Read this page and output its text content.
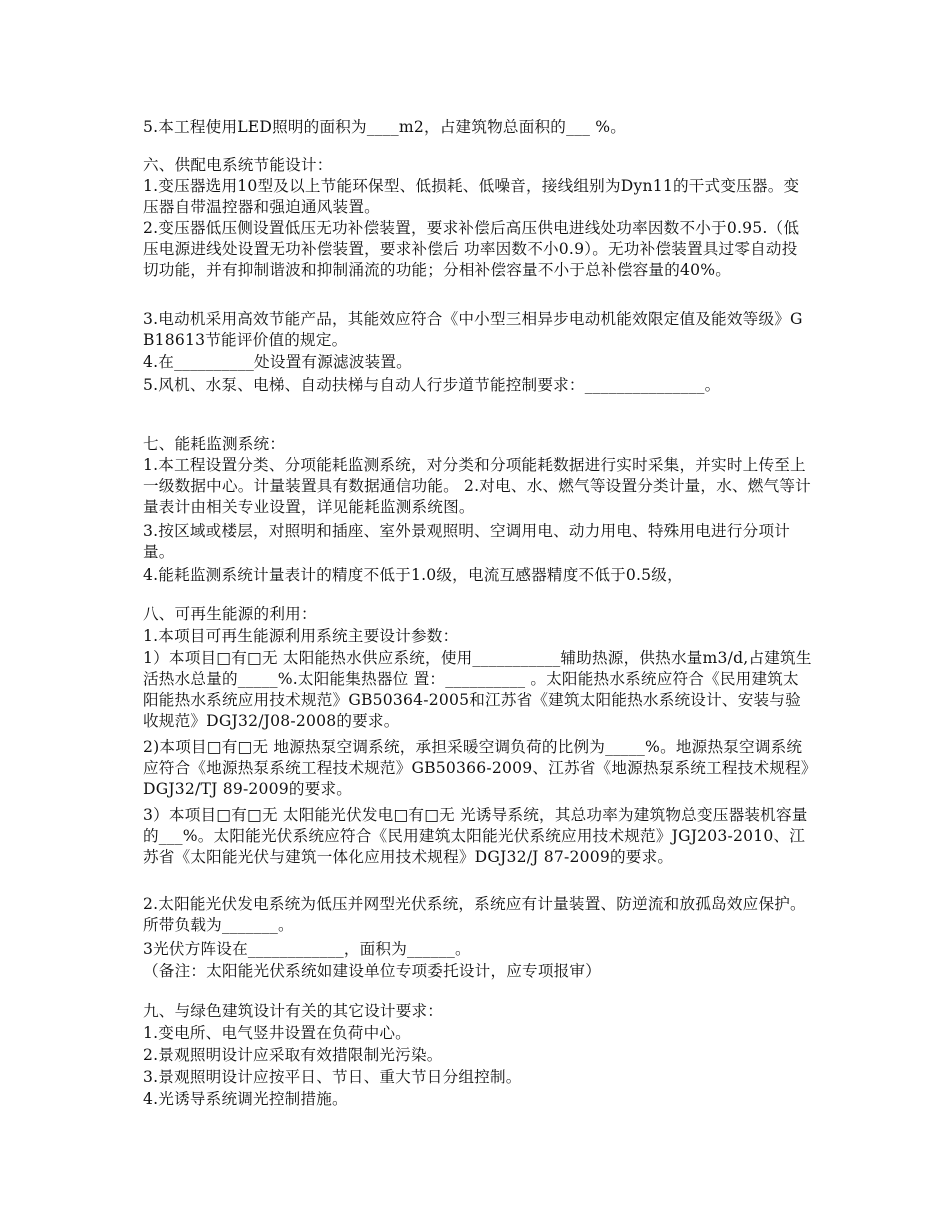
5.本工程使用LED照明的面积为____m2，占建筑物总面积的___ %。

六、供配电系统节能设计：

1.变压器选用10型及以上节能环保型、低损耗、低噪音，接线组别为Dyn11的干式变压器。变压器自带温控器和强迫通风装置。

2.变压器低压侧设置低压无功补偿装置，要求补偿后高压供电进线处功率因数不小于0.95.（低压电源进线处设置无功补偿装置，要求补偿后 功率因数不小0.9）。无功补偿装置具过零自动投切功能，并有抑制谐波和抑制涌流的功能；分相补偿容量不小于总补偿容量的40%。

3.电动机采用高效节能产品，其能效应符合《中小型三相异步电动机能效限定值及能效等级》GB18613节能评价值的规定。

4.在__________处设置有源滤波装置。

5.风机、水泵、电梯、自动扶梯与自动人行步道节能控制要求：_______________。

七、能耗监测系统：

1.本工程设置分类、分项能耗监测系统，对分类和分项能耗数据进行实时采集，并实时上传至上一级数据中心。计量装置具有数据通信功能。 2.对电、水、燃气等设置分类计量，水、燃气等计量表计由相关专业设置，详见能耗监测系统图。

3.按区域或楼层，对照明和插座、室外景观照明、空调用电、动力用电、特殊用电进行分项计量。

4.能耗监测系统计量表计的精度不低于1.0级，电流互感器精度不低于0.5级，

八、可再生能源的利用：

1.本项目可再生能源利用系统主要设计参数：

1）本项目□有□无 太阳能热水供应系统，使用___________辅助热源，供热水量m3/d,占建筑生活热水总量的_____%.太阳能集热器位 置：__________ 。太阳能热水系统应符合《民用建筑太阳能热水系统应用技术规范》GB50364-2005和江苏省《建筑太阳能热水系统设计、安装与验收规范》DGJ32/J08-2008的要求。

2)本项目□有□无 地源热泵空调系统，承担采暖空调负荷的比例为_____%。地源热泵空调系统应符合《地源热泵系统工程技术规范》GB50366-2009、江苏省《地源热泵系统工程技术规程》DGJ32/TJ 89-2009的要求。

3）本项目□有□无 太阳能光伏发电□有□无 光诱导系统，其总功率为建筑物总变压器装机容量的___%。太阳能光伏系统应符合《民用建筑太阳能光伏系统应用技术规范》JGJ203-2010、江苏省《太阳能光伏与建筑一体化应用技术规程》DGJ32/J 87-2009的要求。

2.太阳能光伏发电系统为低压并网型光伏系统，系统应有计量装置、防逆流和放孤岛效应保护。所带负载为_______。

3光伏方阵设在____________，面积为______。

（备注：太阳能光伏系统如建设单位专项委托设计，应专项报审）

九、与绿色建筑设计有关的其它设计要求：

1.变电所、电气竖井设置在负荷中心。

2.景观照明设计应采取有效措限制光污染。

3.景观照明设计应按平日、节日、重大节日分组控制。

4.光诱导系统调光控制措施。
